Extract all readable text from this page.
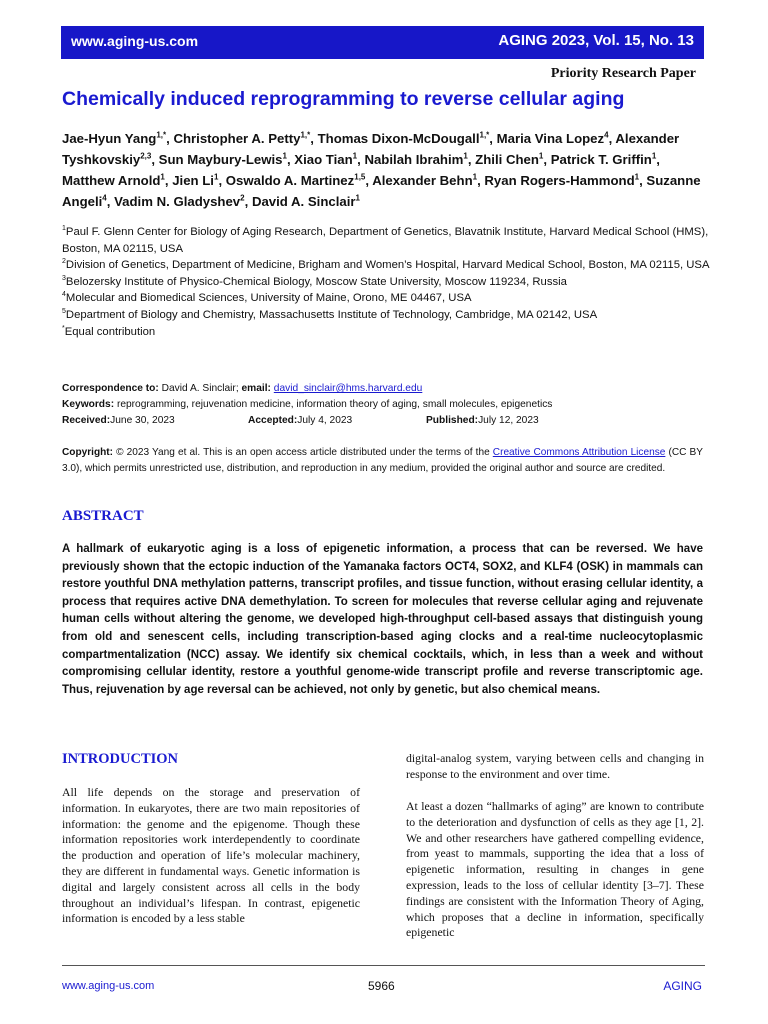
www.aging-us.com	AGING 2023, Vol. 15, No. 13
Priority Research Paper
Chemically induced reprogramming to reverse cellular aging
Jae-Hyun Yang$^{1,*}$, Christopher A. Petty$^{1,*}$, Thomas Dixon-McDougall$^{1,*}$, Maria Vina Lopez$^4$, Alexander Tyshkovskiy$^{2,3}$, Sun Maybury-Lewis$^1$, Xiao Tian$^1$, Nabilah Ibrahim$^1$, Zhili Chen$^1$, Patrick T. Griffin$^1$, Matthew Arnold$^1$, Jien Li$^1$, Oswaldo A. Martinez$^{1,5}$, Alexander Behn$^1$, Ryan Rogers-Hammond$^1$, Suzanne Angeli$^4$, Vadim N. Gladyshev$^2$, David A. Sinclair$^1$
$^1$Paul F. Glenn Center for Biology of Aging Research, Department of Genetics, Blavatnik Institute, Harvard Medical School (HMS), Boston, MA 02115, USA
$^2$Division of Genetics, Department of Medicine, Brigham and Women’s Hospital, Harvard Medical School, Boston, MA 02115, USA
$^3$Belozersky Institute of Physico-Chemical Biology, Moscow State University, Moscow 119234, Russia
$^4$Molecular and Biomedical Sciences, University of Maine, Orono, ME 04467, USA
$^5$Department of Biology and Chemistry, Massachusetts Institute of Technology, Cambridge, MA 02142, USA
*Equal contribution
Correspondence to: David A. Sinclair; email: david_sinclair@hms.harvard.edu
Keywords: reprogramming, rejuvenation medicine, information theory of aging, small molecules, epigenetics
Received: June 30, 2023	Accepted: July 4, 2023	Published: July 12, 2023

Copyright: © 2023 Yang et al. This is an open access article distributed under the terms of the Creative Commons Attribution License (CC BY 3.0), which permits unrestricted use, distribution, and reproduction in any medium, provided the original author and source are credited.

ABSTRACT

A hallmark of eukaryotic aging is a loss of epigenetic information, a process that can be reversed. We have previously shown that the ectopic induction of the Yamanaka factors OCT4, SOX2, and KLF4 (OSK) in mammals can restore youthful DNA methylation patterns, transcript profiles, and tissue function, without erasing cellular identity, a process that requires active DNA demethylation. To screen for molecules that reverse cellular aging and rejuvenate human cells without altering the genome, we developed high-throughput cell-based assays that distinguish young from old and senescent cells, including transcription-based aging clocks and a real-time nucleocytoplasmic compartmentalization (NCC) assay. We identify six chemical cocktails, which, in less than a week and without compromising cellular identity, restore a youthful genome-wide transcript profile and reverse transcriptomic age. Thus, rejuvenation by age reversal can be achieved, not only by genetic, but also chemical means.

INTRODUCTION

All life depends on the storage and preservation of information. In eukaryotes, there are two main repositories of information: the genome and the epigenome. Though these information repositories work interdependently to coordinate the production and operation of life’s molecular machinery, they are different in fundamental ways. Genetic information is digital and largely consistent across all cells in the body throughout an individual’s lifespan. In contrast, epigenetic information is encoded by a less stable

digital-analog system, varying between cells and changing in response to the environment and over time.

At least a dozen “hallmarks of aging” are known to contribute to the deterioration and dysfunction of cells as they age [1, 2]. We and other researchers have gathered compelling evidence, from yeast to mammals, supporting the idea that a loss of epigenetic information, resulting in changes in gene expression, leads to the loss of cellular identity [3–7]. These findings are consistent with the Information Theory of Aging, which proposes that a decline in information, specifically epigenetic

www.aging-us.com	5966	AGING
